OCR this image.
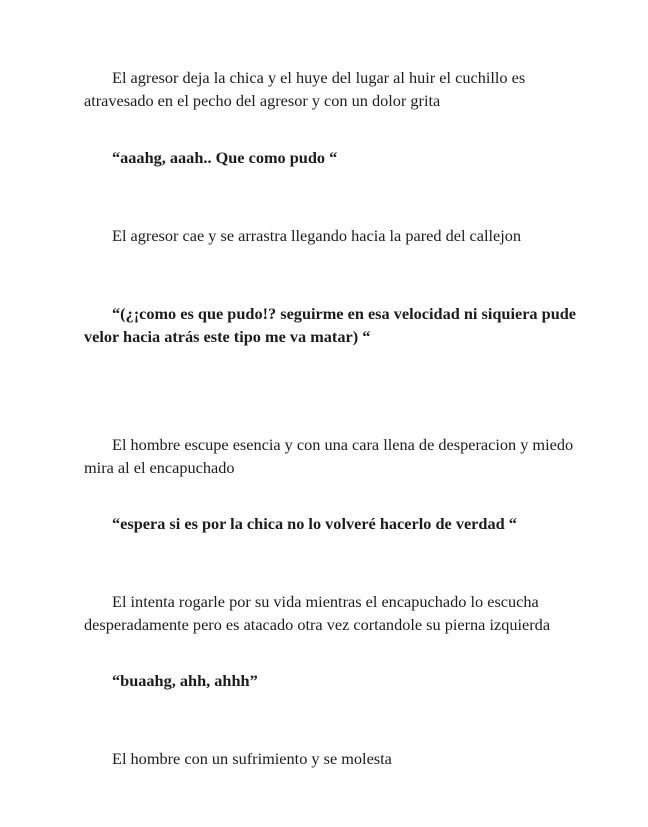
El agresor deja la chica y el huye del lugar al huir el cuchillo es
atravesado en el pecho del agresor y con un dolor grita

“aaahg, aaah.. Que como pudo “

El agresor cae y se arrastra llegando hacia la pared del callejon

“(¿¡como es que pudo!? seguirme en esa velocidad ni siquiera pude
velor hacia atrás este tipo me va matar) “

El hombre escupe esencia y con una cara llena de desperacion y miedo
mira al el encapuchado

“espera si es por la chica no lo volveré hacerlo de verdad “

El intenta rogarle por su vida mientras el encapuchado lo escucha
desperadamente pero es atacado otra vez cortandole su pierna izquierda

“buaahg, ahh, ahhh”

El hombre con un sufrimiento y se molesta
